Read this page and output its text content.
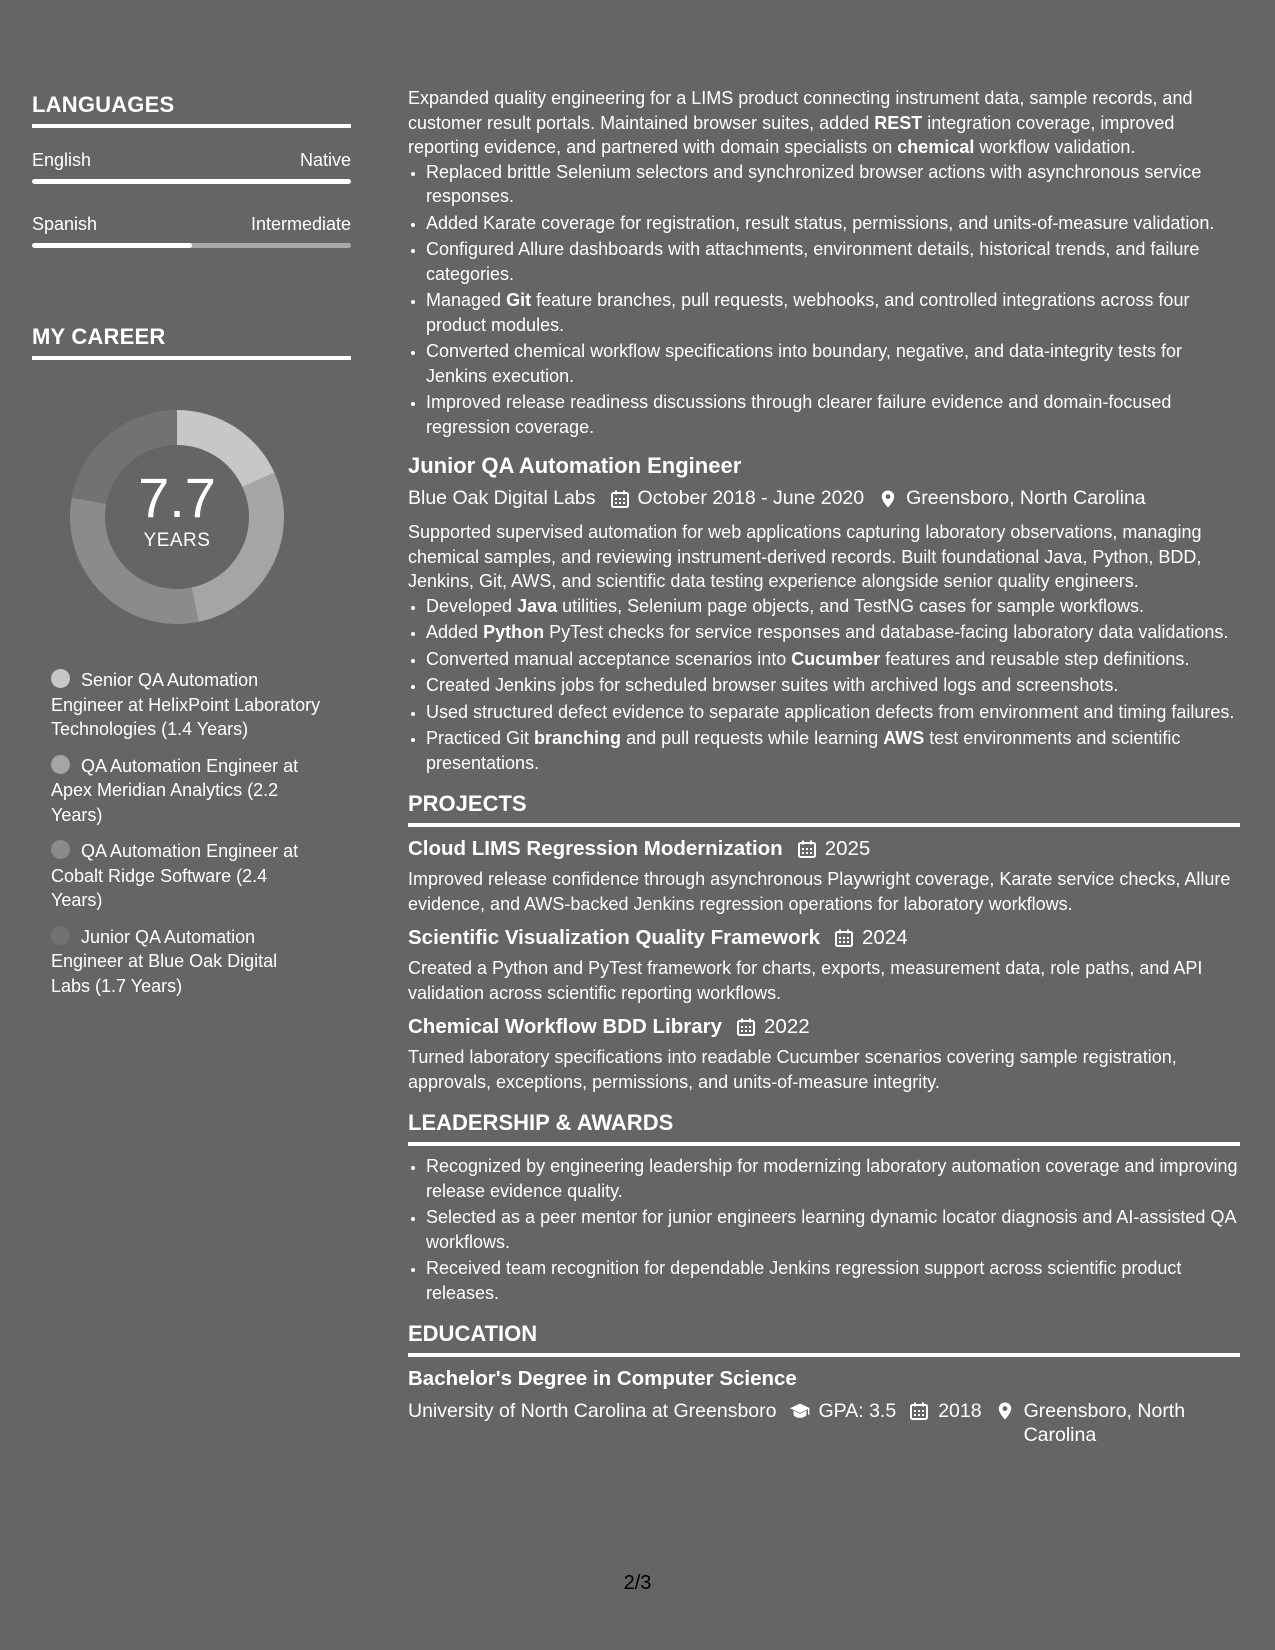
LANGUAGES
English	Native
Spanish	Intermediate
MY CAREER
7.7
YEARS
Senior QA Automation Engineer at HelixPoint Laboratory Technologies (1.4 Years)
QA Automation Engineer at Apex Meridian Analytics (2.2 Years)
QA Automation Engineer at Cobalt Ridge Software (2.4 Years)
Junior QA Automation Engineer at Blue Oak Digital Labs (1.7 Years)

Expanded quality engineering for a LIMS product connecting instrument data, sample records, and customer result portals. Maintained browser suites, added REST integration coverage, improved reporting evidence, and partnered with domain specialists on chemical workflow validation.

• Replaced brittle Selenium selectors and synchronized browser actions with asynchronous service responses.
• Added Karate coverage for registration, result status, permissions, and units-of-measure validation.
• Configured Allure dashboards with attachments, environment details, historical trends, and failure categories.
• Managed Git feature branches, pull requests, webhooks, and controlled integrations across four product modules.
• Converted chemical workflow specifications into boundary, negative, and data-integrity tests for Jenkins execution.
• Improved release readiness discussions through clearer failure evidence and domain-focused regression coverage.
Junior QA Automation Engineer
Blue Oak Digital Labs October 2018 - June 2020 Greensboro, North Carolina

Supported supervised automation for web applications capturing laboratory observations, managing chemical samples, and reviewing instrument-derived records. Built foundational Java, Python, BDD, Jenkins, Git, AWS, and scientific data testing experience alongside senior quality engineers.

• Developed Java utilities, Selenium page objects, and TestNG cases for sample workflows.
• Added Python PyTest checks for service responses and database-facing laboratory data validations.
• Converted manual acceptance scenarios into Cucumber features and reusable step definitions.
• Created Jenkins jobs for scheduled browser suites with archived logs and screenshots.
• Used structured defect evidence to separate application defects from environment and timing failures.
• Practiced Git branching and pull requests while learning AWS test environments and scientific presentations.
PROJECTS
Cloud LIMS Regression Modernization 2025

Improved release confidence through asynchronous Playwright coverage, Karate service checks, Allure evidence, and AWS-backed Jenkins regression operations for laboratory workflows.

Scientific Visualization Quality Framework 2024

Created a Python and PyTest framework for charts, exports, measurement data, role paths, and API validation across scientific reporting workflows.

Chemical Workflow BDD Library 2022

Turned laboratory specifications into readable Cucumber scenarios covering sample registration, approvals, exceptions, permissions, and units-of-measure integrity.

LEADERSHIP & AWARDS
• Recognized by engineering leadership for modernizing laboratory automation coverage and improving release evidence quality.
• Selected as a peer mentor for junior engineers learning dynamic locator diagnosis and AI-assisted QA workflows.
• Received team recognition for dependable Jenkins regression support across scientific product releases.
EDUCATION
Bachelor's Degree in Computer Science
University of North Carolina at Greensboro GPA: 3.5 2018 Greensboro, North Carolina
2/3
